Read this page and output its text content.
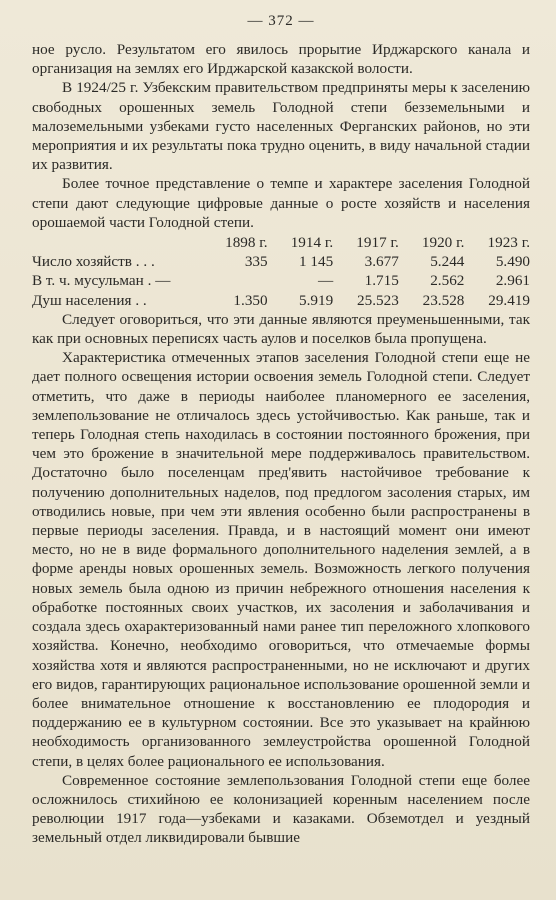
— 372 —

ное русло. Результатом его явилось прорытие Ирджарского канала и организация на землях его Ирджарской казакской волости.

В 1924/25 г. Узбекским правительством предприняты меры к заселению свободных орошенных земель Голодной степи безземельными и малоземельными узбеками густо населенных Ферганских районов, но эти мероприятия и их результаты пока трудно оценить, в виду начальной стадии их развития.

Более точное представление о темпе и характере заселения Голодной степи дают следующие цифровые данные о росте хозяйств и населения орошаемой части Голодной степи.

	1898 г.	1914 г.	1917 г.	1920 г.	1923 г.
Число хозяйств . . .	335	1 145	3.677	5.244	5.490
В т. ч. мусульман . —		—	1.715	2.562	2.961
Душ населения . .	1.350	5.919	25.523	23.528	29.419

Следует оговориться, что эти данные являются преуменьшенными, так как при основных переписях часть аулов и поселков была пропущена.

Характеристика отмеченных этапов заселения Голодной степи еще не дает полного освещения истории освоения земель Голодной степи. Следует отметить, что даже в периоды наиболее планомерного ее заселения, землепользование не отличалось здесь устойчивостью. Как раньше, так и теперь Голодная степь находилась в состоянии постоянного брожения, при чем это брожение в значительной мере поддерживалось правительством. Достаточно было поселенцам пред'явить настойчивое требование к получению дополнительных наделов, под предлогом засоления старых, им отводились новые, при чем эти явления особенно были распространены в первые периоды заселения. Правда, и в настоящий момент они имеют место, но не в виде формального дополнительного наделения землей, а в форме аренды новых орошенных земель. Возможность легкого получения новых земель была одною из причин небрежного отношения населения к обработке постоянных своих участков, их засоления и заболачивания и создала здесь охарактеризованный нами ранее тип переложного хлопкового хозяйства. Конечно, необходимо оговориться, что отмечаемые формы хозяйства хотя и являются распространенными, но не исключают и других его видов, гарантирующих рациональное использование орошенной земли и более внимательное отношение к восстановлению ее плодородия и поддержанию ее в культурном состоянии. Все это указывает на крайнюю необходимость организованного землеустройства орошенной Голодной степи, в целях более рационального ее использования.

Современное состояние землепользования Голодной степи еще более осложнилось стихийною ее колонизацией коренным населением после революции 1917 года—узбеками и казаками. Обземотдел и уездный земельный отдел ликвидировали бывшие
